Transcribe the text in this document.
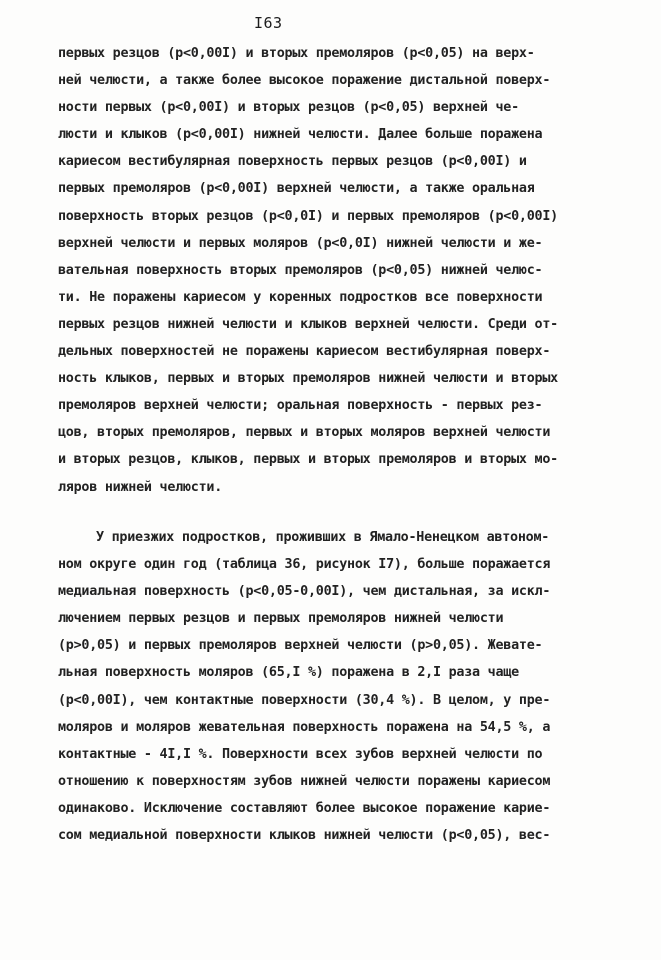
I63
первых резцов (p<0,00I) и вторых премоляров (p<0,05) на верх-
ней челюсти, а также более высокое поражение дистальной поверх-
ности первых (p<0,00I) и вторых резцов (p<0,05) верхней че-
люсти и клыков (p<0,00I) нижней челюсти. Далее больше поражена
кариесом вестибулярная поверхность первых резцов (p<0,00I) и
первых премоляров (p<0,00I) верхней челюсти, а также оральная
поверхность вторых резцов (p<0,0I) и первых премоляров (p<0,00I)
верхней челюсти и первых моляров (p<0,0I) нижней челюсти и же-
вательная поверхность вторых премоляров (p<0,05) нижней челюс-
ти. Не поражены кариесом у коренных подростков все поверхности
первых резцов нижней челюсти и клыков верхней челюсти. Среди от-
дельных поверхностей не поражены кариесом вестибулярная поверх-
ность клыков, первых и вторых премоляров нижней челюсти и вторых
премоляров верхней челюсти; оральная поверхность - первых рез-
цов, вторых премоляров, первых и вторых моляров верхней челюсти
и вторых резцов, клыков, первых и вторых премоляров и вторых мо-
ляров нижней челюсти.
У приезжих подростков, проживших в Ямало-Ненецком автоном-
ном округе один год (таблица 36, рисунок I7), больше поражается
медиальная поверхность (p<0,05-0,00I), чем дистальная, за искл-
лючением первых резцов и первых премоляров нижней челюсти
(p>0,05) и первых премоляров верхней челюсти (p>0,05). Жевате-
льная поверхность моляров (65,I %) поражена в 2,I раза чаще
(p<0,00I), чем контактные поверхности (30,4 %). В целом, у пре-
моляров и моляров жевательная поверхность поражена на 54,5 %, а
контактные - 4I,I %. Поверхности всех зубов верхней челюсти по
отношению к поверхностям зубов нижней челюсти поражены кариесом
одинаково. Исключение составляют более высокое поражение карие-
сом медиальной поверхности клыков нижней челюсти (p<0,05), вес-
